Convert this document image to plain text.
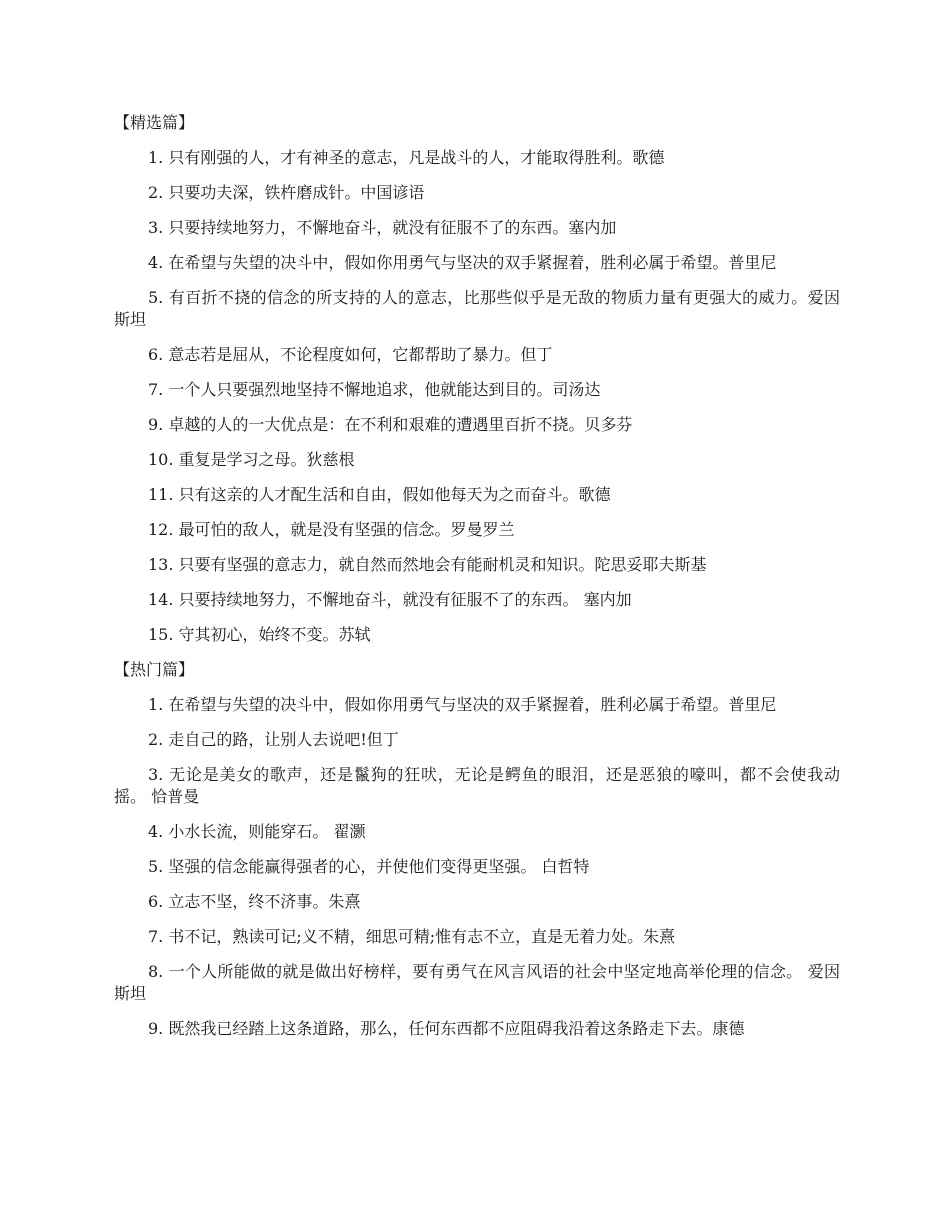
【精选篇】
1. 只有刚强的人，才有神圣的意志，凡是战斗的人，才能取得胜利。歌德
2. 只要功夫深，铁杵磨成针。中国谚语
3. 只要持续地努力，不懈地奋斗，就没有征服不了的东西。塞内加
4. 在希望与失望的决斗中，假如你用勇气与坚决的双手紧握着，胜利必属于希望。普里尼
5. 有百折不挠的信念的所支持的人的意志，比那些似乎是无敌的物质力量有更强大的威力。爱因斯坦
6. 意志若是屈从，不论程度如何，它都帮助了暴力。但丁
7. 一个人只要强烈地坚持不懈地追求，他就能达到目的。司汤达
9. 卓越的人的一大优点是：在不利和艰难的遭遇里百折不挠。贝多芬
10. 重复是学习之母。狄慈根
11. 只有这亲的人才配生活和自由，假如他每天为之而奋斗。歌德
12. 最可怕的敌人，就是没有坚强的信念。罗曼罗兰
13. 只要有坚强的意志力，就自然而然地会有能耐机灵和知识。陀思妥耶夫斯基
14. 只要持续地努力，不懈地奋斗，就没有征服不了的东西。 塞内加
15. 守其初心，始终不变。苏轼
【热门篇】
1. 在希望与失望的决斗中，假如你用勇气与坚决的双手紧握着，胜利必属于希望。普里尼
2. 走自己的路，让别人去说吧!但丁
3. 无论是美女的歌声，还是鬣狗的狂吠，无论是鳄鱼的眼泪，还是恶狼的嚎叫，都不会使我动摇。 恰普曼
4. 小水长流，则能穿石。 翟灏
5. 坚强的信念能赢得强者的心，并使他们变得更坚强。 白哲特
6. 立志不坚，终不济事。朱熹
7. 书不记，熟读可记;义不精，细思可精;惟有志不立，直是无着力处。朱熹
8. 一个人所能做的就是做出好榜样，要有勇气在风言风语的社会中坚定地高举伦理的信念。 爱因斯坦
9. 既然我已经踏上这条道路，那么，任何东西都不应阻碍我沿着这条路走下去。康德
